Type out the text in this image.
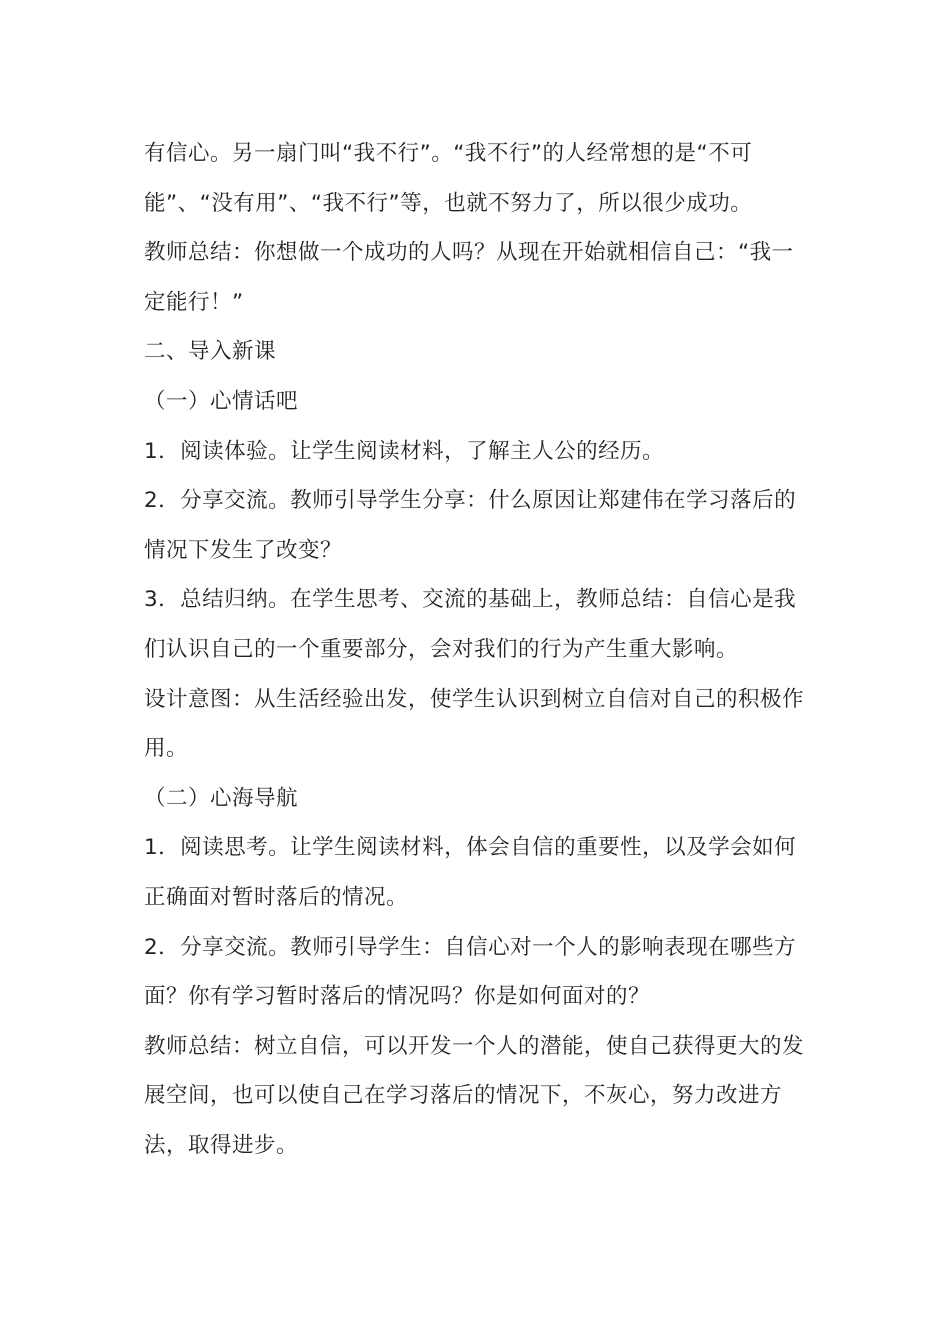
有信心。另一扇门叫“我不行”。“我不行”的人经常想的是“不可能”、“没有用”、“我不行”等，也就不努力了，所以很少成功。

教师总结：你想做一个成功的人吗？从现在开始就相信自己：“我一定能行！”

二、导入新课

（一）心情话吧

1．阅读体验。让学生阅读材料，了解主人公的经历。

2．分享交流。教师引导学生分享：什么原因让郑建伟在学习落后的情况下发生了改变？

3．总结归纳。在学生思考、交流的基础上，教师总结：自信心是我们认识自己的一个重要部分，会对我们的行为产生重大影响。

设计意图：从生活经验出发，使学生认识到树立自信对自己的积极作用。

（二）心海导航

1．阅读思考。让学生阅读材料，体会自信的重要性，以及学会如何正确面对暂时落后的情况。

2．分享交流。教师引导学生：自信心对一个人的影响表现在哪些方面？你有学习暂时落后的情况吗？你是如何面对的？

教师总结：树立自信，可以开发一个人的潜能，使自己获得更大的发展空间，也可以使自己在学习落后的情况下，不灰心，努力改进方法，取得进步。
